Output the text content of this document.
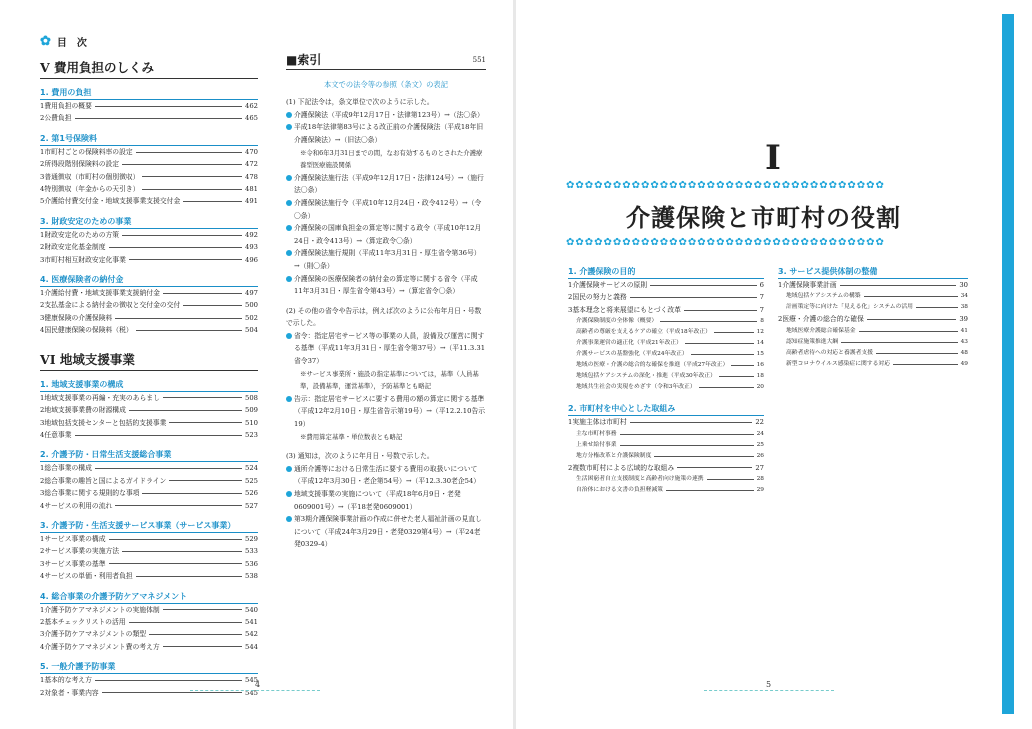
✿ 目　次
V 費用負担のしくみ
1. 費用の負担
1費用負担の概要	462
2公費負担	465
2. 第1号保険料
1市町村ごとの保険料率の設定	470
2所得段階別保険料の設定	472
3普通徴収（市町村の個別徴収）	478
4特別徴収（年金からの天引き）	481
5介護給付費交付金・地域支援事業支援交付金	491
3. 財政安定のための事業
1財政安定化のための方策	492
2財政安定化基金制度	493
3市町村相互財政安定化事業	496
4. 医療保険者の納付金
1介護給付費・地域支援事業支援納付金	497
2支払基金による納付金の徴収と交付金の交付	500
3健康保険の介護保険料	502
4国民健康保険の保険料（税）	504
VI 地域支援事業
1. 地域支援事業の構成
1地域支援事業の再編・充実のあらまし	508
2地域支援事業費の財源構成	509
3地域包括支援センターと包括的支援事業	510
4任意事業	523
2. 介護予防・日常生活支援総合事業
1総合事業の構成	524
2総合事業の趣旨と国によるガイドライン	525
3総合事業に関する規則的な事項	526
4サービスの利用の流れ	527
3. 介護予防・生活支援サービス事業（サービス事業）
1サービス事業の構成	529
2サービス事業の実施方法	533
3サービス事業の基準	536
4サービスの単価・利用者負担	538
4. 総合事業の介護予防ケアマネジメント
1介護予防ケアマネジメントの実施体制	540
2基本チェックリストの活用	541
3介護予防ケアマネジメントの類型	542
4介護予防ケアマネジメント費の考え方	544
5. 一般介護予防事業
1基本的な考え方	545
2対象者・事業内容	545
■索引	551
本文での法令等の参照（条文）の表記
(1) 下記法令は，条文単位で次のように示した。
介護保険法（平成9年12月17日・法律第123号）→（法〇条）
平成18年法律第83号による改正前の介護保険法（平成18年旧介護保険法）→（旧法〇条）
※令和6年3月31日までの間，なお有効するものとされた介護療養型医療施設関係
介護保険法施行法（平成9年12月17日・法律124号）→（施行法〇条）
介護保険法施行令（平成10年12月24日・政令412号）→（令〇条）
介護保険の国庫負担金の算定等に関する政令（平成10年12月24日・政令413号）→（算定政令〇条）
介護保険法施行規則（平成11年3月31日・厚生省令第36号）→（則〇条）
介護保険の医療保険者の納付金の算定等に関する省令（平成11年3月31日・厚生省令第43号）→（算定省令〇条）
(2) その他の省令や告示は，例えば次のように公布年月日・号数で示した。
省令：指定居宅サービス等の事業の人員，設備及び運営に関する基準（平成11年3月31日・厚生省令第37号）→（平11.3.31省令37）
※サービス事業所・施設の指定基準については，基準（人員基準，設備基準，運営基準），予防基準とも略記
告示：指定居宅サービスに要する費用の額の算定に関する基準（平成12年2月10日・厚生省告示第19号）→（平12.2.10告示19）
※費用算定基準・単位数表とも略記
(3) 通知は，次のように年月日・号数で示した。
通所介護等における日常生活に要する費用の取扱いについて（平成12年3月30日・老企第54号）→（平12.3.30老企54）
地域支援事業の実施について（平成18年6月9日・老発0609001号）→（平18老発0609001）
第3期介護保険事業計画の作成に併せた老人福祉計画の見直しについて（平成24年3月29日・老発0329第4号）→（平24老発0329-4）
4
I
✿✿✿✿✿✿✿✿✿✿✿✿✿✿✿✿✿✿✿✿✿✿✿✿✿✿✿✿✿✿✿✿✿✿
介護保険と市町村の役割
✿✿✿✿✿✿✿✿✿✿✿✿✿✿✿✿✿✿✿✿✿✿✿✿✿✿✿✿✿✿✿✿✿✿
1. 介護保険の目的
1介護保険サービスの原則	6
2国民の努力と義務	7
3基本理念と将来展望にもとづく改革	7
介護保険制度の全体像（概要）	8
高齢者の尊厳を支えるケアの確立（平成18年改正）	12
介護事業運営の適正化（平成21年改正）	14
介護サービスの基盤強化（平成24年改正）	15
地域の医療・介護の総合的な確保を推進（平成27年改正）	16
地域包括ケアシステムの深化・推進（平成30年改正）	18
地域共生社会の実現をめざす（令和3年改正）	20
2. 市町村を中心とした取組み
1実施主体は市町村	22
主な市町村事務	24
上乗せ給付事業	25
地方分権改革と介護保険制度	26
2複数市町村による広域的な取組み	27
生活困窮者自立支援制度と高齢者向け施策の連携	28
自治体における文書の負担軽減策	29
3. サービス提供体制の整備
1介護保険事業計画	30
地域包括ケアシステムの構築	34
計画策定等に向けた「見える化」システムの活用	38
2医療・介護の総合的な確保	39
地域医療介護総合確保基金	41
認知症施策推進大綱	43
高齢者虐待への対応と養護者支援	48
新型コロナウイルス感染症に関する対応	49
5
